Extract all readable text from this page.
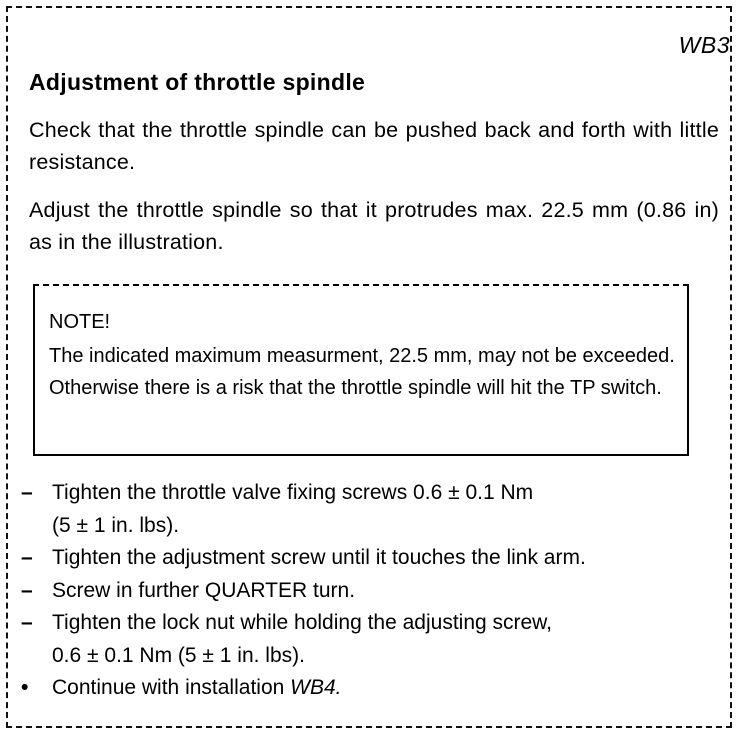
WB3
Adjustment of throttle spindle

Check that the throttle spindle can be pushed back and forth with little resistance.

Adjust the throttle spindle so that it protrudes max. 22.5 mm (0.86 in) as in the illustration.

NOTE!

The indicated maximum measurment, 22.5 mm, may not be exceeded. Otherwise there is a risk that the throttle spindle will hit the TP switch.

– Tighten the throttle valve fixing screws 0.6 ± 0.1 Nm
(5 ± 1 in. lbs).
– Tighten the adjustment screw until it touches the link arm.
– Screw in further QUARTER turn.
– Tighten the lock nut while holding the adjusting screw,
0.6 ± 0.1 Nm (5 ± 1 in. lbs).
•	Continue with installation WB4.
